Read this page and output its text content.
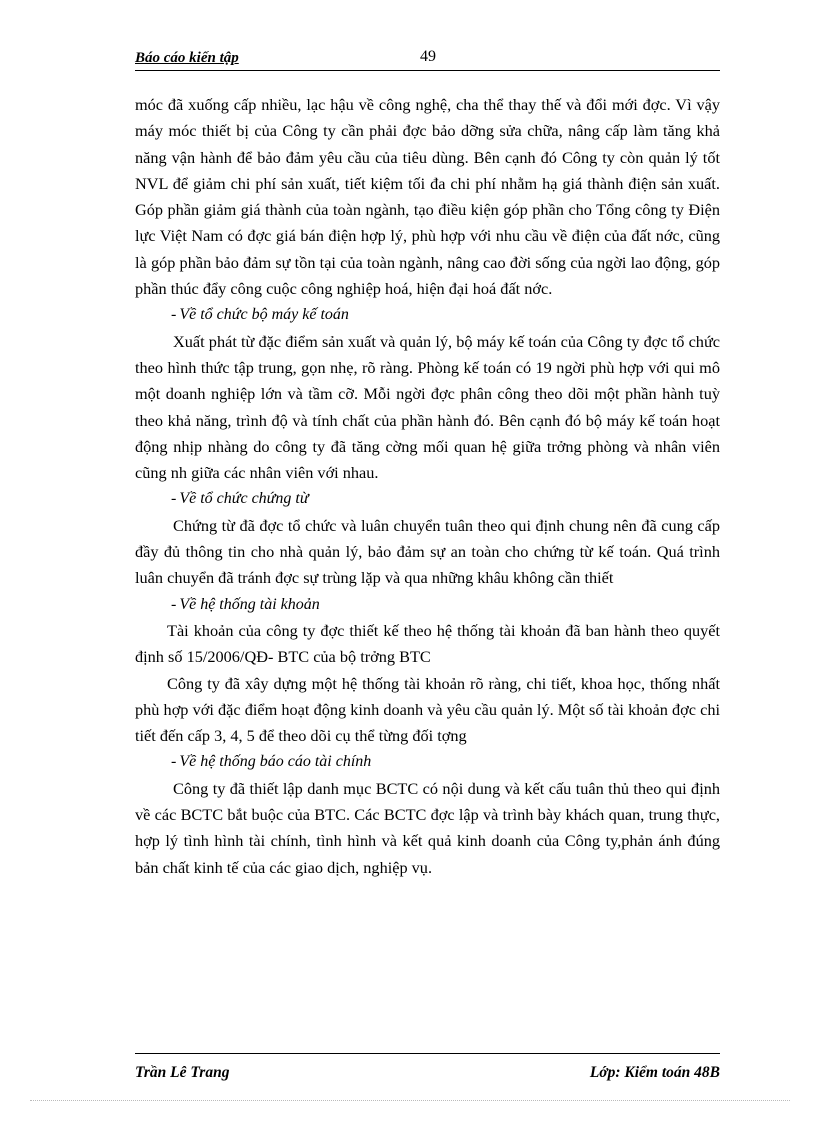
Báo cáo kiến tập	49

móc đã xuống cấp nhiều, lạc hậu về công nghệ, cha thể thay thế và đổi mới đợc. Vì vậy máy móc thiết bị của Công ty cần phải đợc bảo dỡng sửa chữa, nâng cấp làm tăng khả năng vận hành để bảo đảm yêu cầu của tiêu dùng. Bên cạnh đó Công ty còn quản lý tốt NVL để giảm chi phí sản xuất, tiết kiệm tối đa chi phí nhằm hạ giá thành điện sản xuất. Góp phần giảm giá thành của toàn ngành, tạo điều kiện góp phần cho Tổng công ty Điện lực Việt Nam có đợc giá bán điện hợp lý, phù hợp với nhu cầu về điện của đất nớc, cũng là góp phần bảo đảm sự tồn tại của toàn ngành, nâng cao đời sống của ngời lao động, góp phần thúc đẩy công cuộc công nghiệp hoá, hiện đại hoá đất nớc.

- Về tổ chức bộ máy kế toán

Xuất phát từ đặc điểm sản xuất và quản lý, bộ máy kế toán của Công ty đợc tổ chức theo hình thức tập trung, gọn nhẹ, rõ ràng. Phòng kế toán có 19 ngời phù hợp với qui mô một doanh nghiệp lớn và tầm cỡ. Mỗi ngời đợc phân công theo dõi một phần hành tuỳ theo khả năng, trình độ và tính chất của phần hành đó. Bên cạnh đó bộ máy kế toán hoạt động nhịp nhàng do công ty đã tăng cờng mối quan hệ giữa trởng phòng và nhân viên cũng nh giữa các nhân viên với nhau.

- Về tổ chức chứng từ

Chứng từ đã đợc tổ chức và luân chuyển tuân theo qui định chung nên đã cung cấp đầy đủ thông tin cho nhà quản lý, bảo đảm sự an toàn cho chứng từ kế toán. Quá trình luân chuyển đã tránh đợc sự trùng lặp và qua những khâu không cần thiết

- Về hệ thống tài khoản

Tài khoản của công ty đợc thiết kế theo hệ thống tài khoản đã ban hành theo quyết định số 15/2006/QĐ- BTC của bộ trởng BTC

Công ty đã xây dựng một hệ thống tài khoản rõ ràng, chi tiết, khoa học, thống nhất phù hợp với đặc điểm hoạt động kinh doanh và yêu cầu quản lý. Một số tài khoản đợc chi tiết đến cấp 3, 4, 5 để theo dõi cụ thể từng đối tợng

- Về hệ thống báo cáo tài chính

Công ty đã thiết lập danh mục BCTC có nội dung và kết cấu tuân thủ theo qui định về các BCTC bắt buộc của BTC. Các BCTC đợc lập và trình bày khách quan, trung thực, hợp lý tình hình tài chính, tình hình và kết quả kinh doanh của Công ty,phản ánh đúng bản chất kinh tế của các giao dịch, nghiệp vụ.

Trần Lê Trang	Lớp: Kiểm toán 48B
